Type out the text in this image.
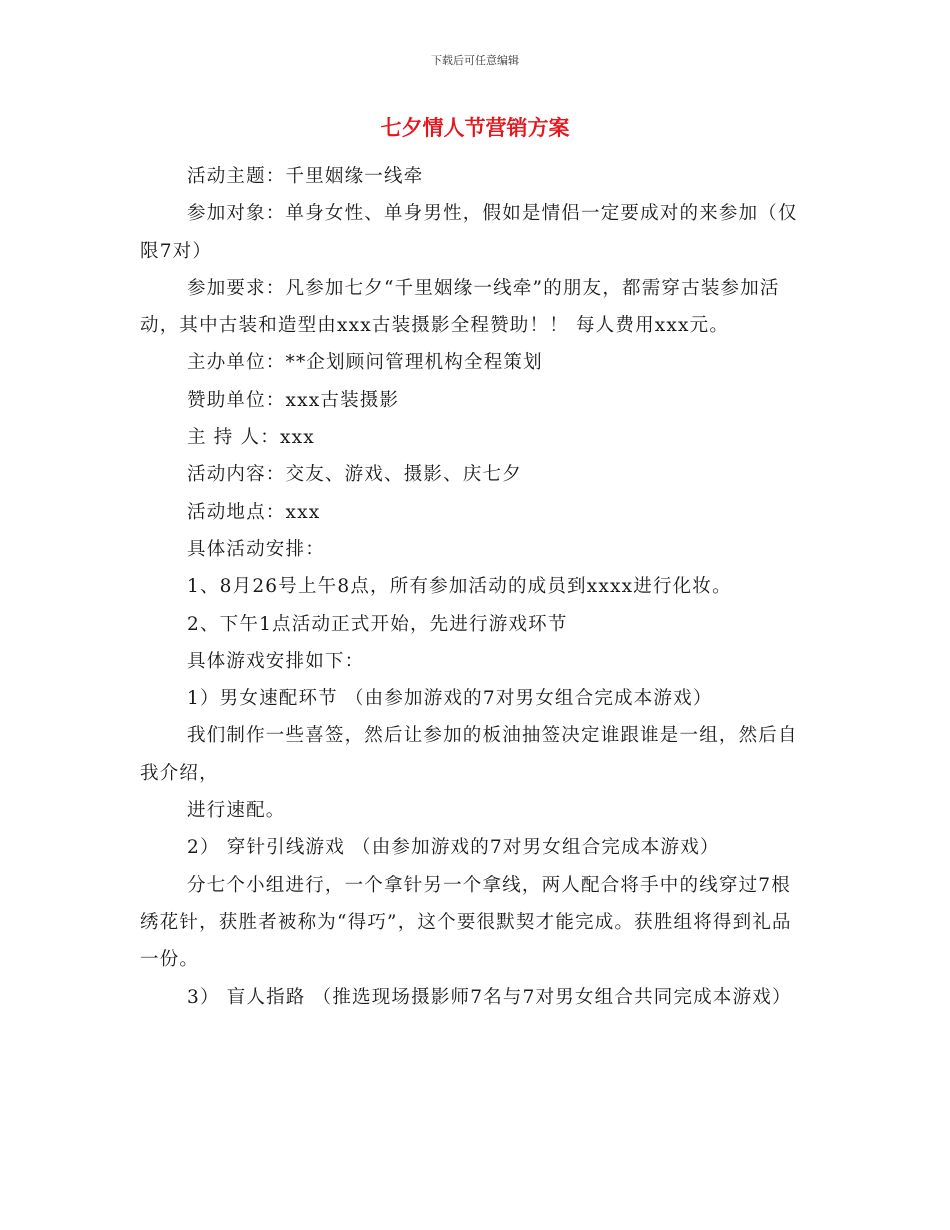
下载后可任意编辑
七夕情人节营销方案

活动主题：千里姻缘一线牵

参加对象：单身女性、单身男性，假如是情侣一定要成对的来参加（仅限7对）

参加要求：凡参加七夕“千里姻缘一线牵”的朋友，都需穿古装参加活动，其中古装和造型由xxx古装摄影全程赞助！！ 每人费用xxx元。

主办单位：**企划顾问管理机构全程策划

赞助单位：xxx古装摄影

主 持 人：xxx

活动内容：交友、游戏、摄影、庆七夕

活动地点：xxx

具体活动安排：

1、8月26号上午8点，所有参加活动的成员到xxxx进行化妆。

2、下午1点活动正式开始，先进行游戏环节

具体游戏安排如下：

1）男女速配环节 （由参加游戏的7对男女组合完成本游戏）

我们制作一些喜签，然后让参加的板油抽签决定谁跟谁是一组，然后自我介绍，

进行速配。

2） 穿针引线游戏 （由参加游戏的7对男女组合完成本游戏）

分七个小组进行，一个拿针另一个拿线，两人配合将手中的线穿过7根绣花针，获胜者被称为“得巧”，这个要很默契才能完成。获胜组将得到礼品一份。

3） 盲人指路 （推选现场摄影师7名与7对男女组合共同完成本游戏）
